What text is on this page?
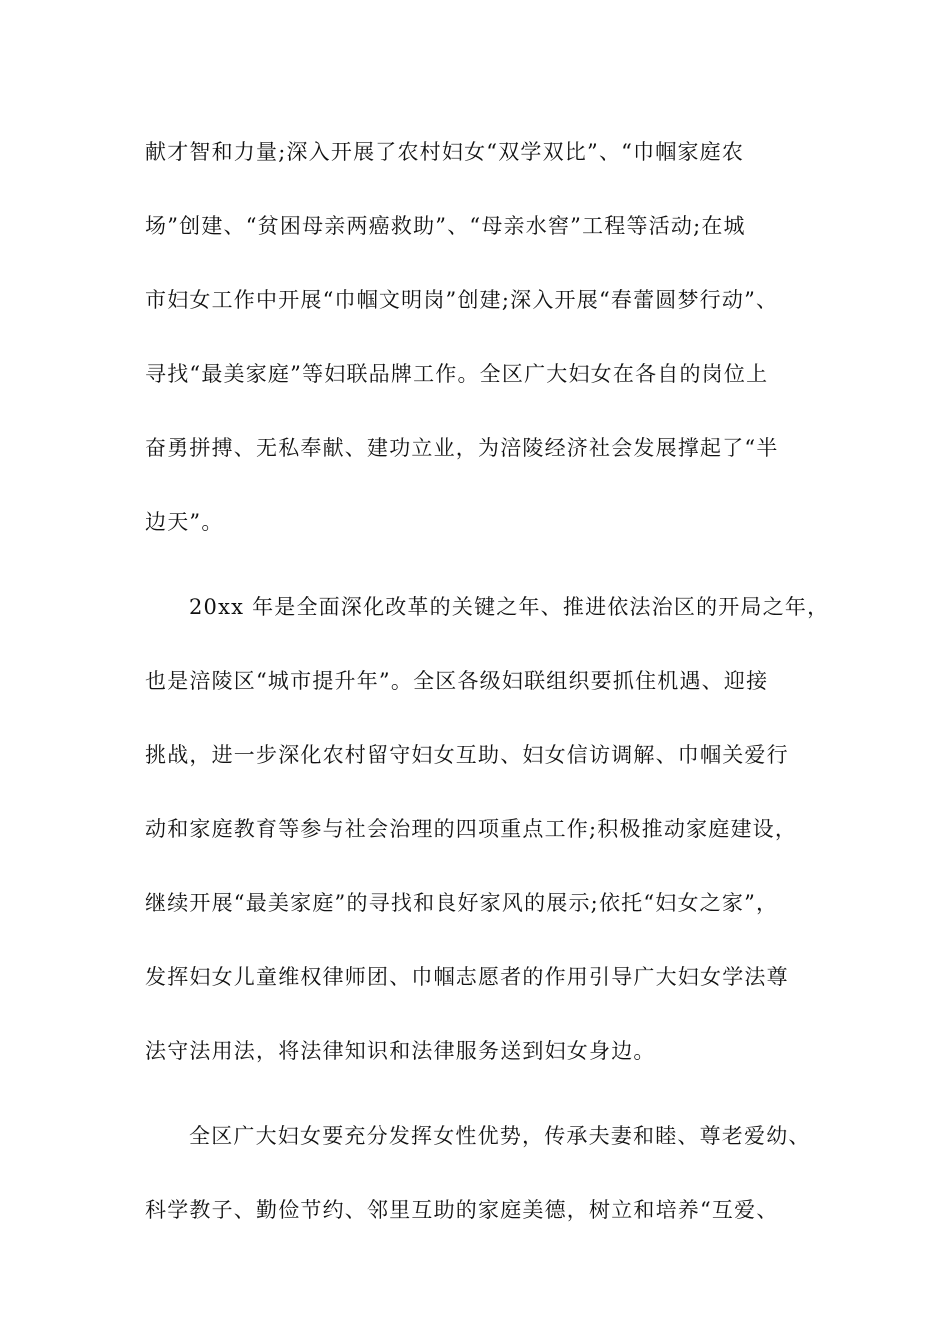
献才智和力量;深入开展了农村妇女“双学双比”、“巾帼家庭农
场”创建、“贫困母亲两癌救助”、“母亲水窖”工程等活动;在城
市妇女工作中开展“巾帼文明岗”创建;深入开展“春蕾圆梦行动”、
寻找“最美家庭”等妇联品牌工作。全区广大妇女在各自的岗位上
奋勇拼搏、无私奉献、建功立业，为涪陵经济社会发展撑起了“半
边天”。
20xx 年是全面深化改革的关键之年、推进依法治区的开局之年，
也是涪陵区“城市提升年”。全区各级妇联组织要抓住机遇、迎接
挑战，进一步深化农村留守妇女互助、妇女信访调解、巾帼关爱行
动和家庭教育等参与社会治理的四项重点工作;积极推动家庭建设，
继续开展“最美家庭”的寻找和良好家风的展示;依托“妇女之家”，
发挥妇女儿童维权律师团、巾帼志愿者的作用引导广大妇女学法尊
法守法用法，将法律知识和法律服务送到妇女身边。
全区广大妇女要充分发挥女性优势，传承夫妻和睦、尊老爱幼、
科学教子、勤俭节约、邻里互助的家庭美德，树立和培养“互爱、
